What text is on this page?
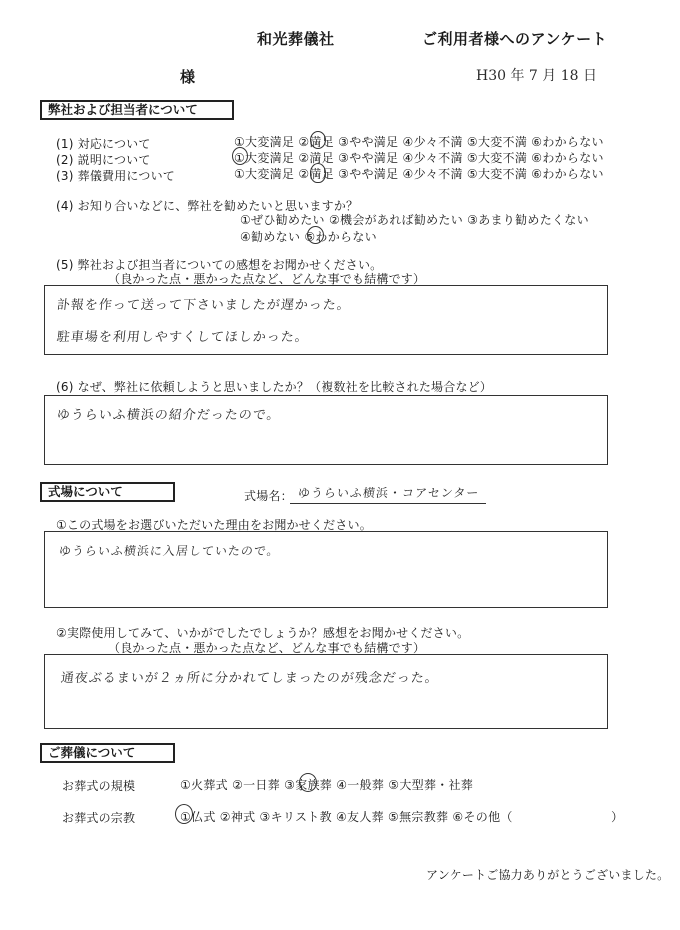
和光葬儀社	ご利用者様へのアンケート
様	H30 年 7 月 18 日
弊社および担当者について
(1) 対応について	①大変満足 ②満足 ③やや満足 ④少々不満 ⑤大変不満 ⑥わからない
(2) 説明について	①大変満足 ②満足 ③やや満足 ④少々不満 ⑤大変不満 ⑥わからない
(3) 葬儀費用について	①大変満足 ②満足 ③やや満足 ④少々不満 ⑤大変不満 ⑥わからない
(4) お知り合いなどに、弊社を勧めたいと思いますか？
①ぜひ勧めたい ②機会があれば勧めたい ③あまり勧めたくない
④勧めない ⑤わからない
(5) 弊社および担当者についての感想をお聞かせください。
（良かった点・悪かった点など、どんな事でも結構です）
訃報を作って送って下さいましたが遅かった。
駐車場を利用しやすくしてほしかった。
(6) なぜ、弊社に依頼しようと思いましたか？（複数社を比較された場合など）
ゆうらいふ横浜の紹介だったので。
式場について	式場名： ゆうらいふ横浜・コアセンター
①この式場をお選びいただいた理由をお聞かせください。
ゆうらいふ横浜に入居していたので。
②実際使用してみて、いかがでしたでしょうか？感想をお聞かせください。
（良かった点・悪かった点など、どんな事でも結構です）
通夜ぶるまいが２ヵ所に分かれてしまったのが残念だった。
ご葬儀について
お葬式の規模	①火葬式 ②一日葬 ③家族葬 ④一般葬 ⑤大型葬・社葬
お葬式の宗教	①仏式 ②神式 ③キリスト教 ④友人葬 ⑤無宗教葬 ⑥その他（　　　　　　　　）
アンケートご協力ありがとうございました。
